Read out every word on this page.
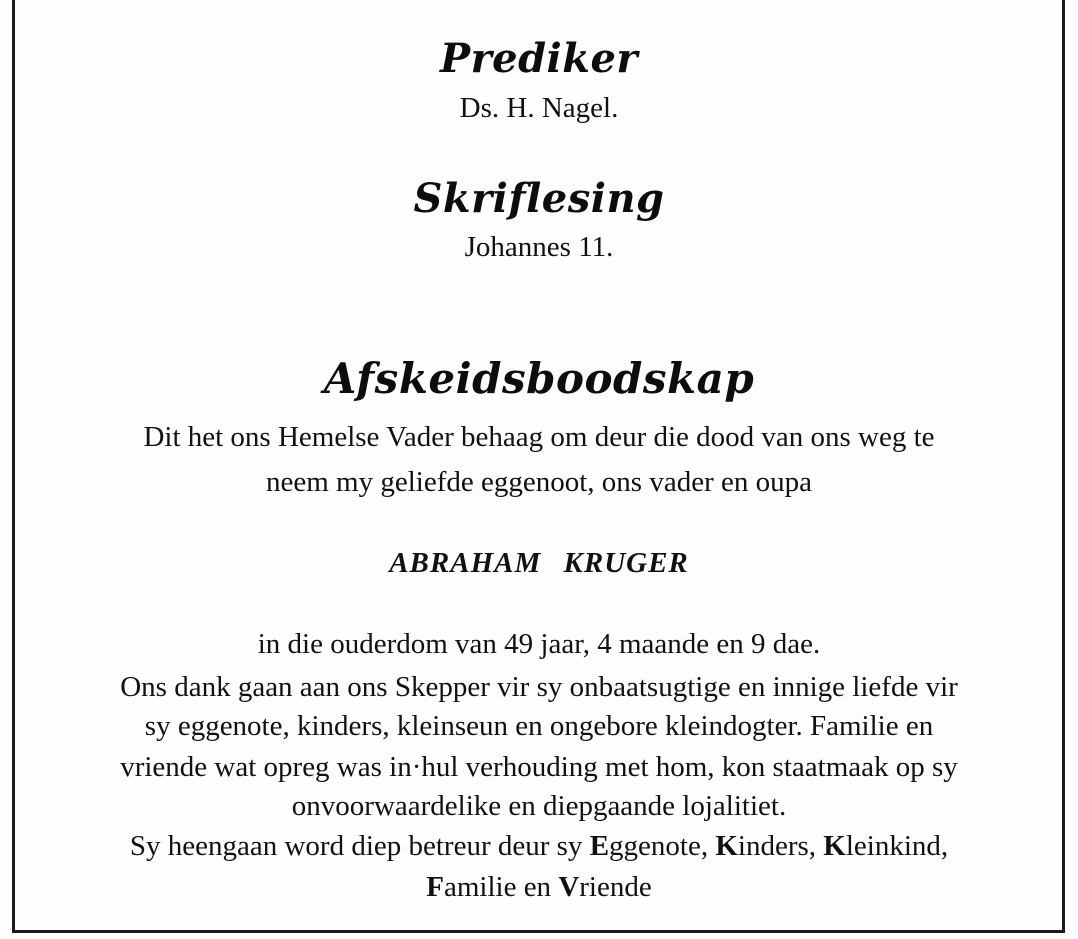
Prediker
Ds. H. Nagel.
Skriflesing
Johannes 11.
Afskeidsboodskap
Dit het ons Hemelse Vader behaag om deur die dood van ons weg te
neem my geliefde eggenoot, ons vader en oupa
ABRAHAM KRUGER
in die ouderdom van 49 jaar, 4 maande en 9 dae.
Ons dank gaan aan ons Skepper vir sy onbaatsugtige en innige liefde vir
sy eggenote, kinders, kleinseun en ongebore kleindogter. Familie en
vriende wat opreg was in·hul verhouding met hom, kon staatmaak op sy
onvoorwaardelike en diepgaande lojalitiet.
Sy heengaan word diep betreur deur sy Eggenote, Kinders, Kleinkind,
Familie en Vriende
